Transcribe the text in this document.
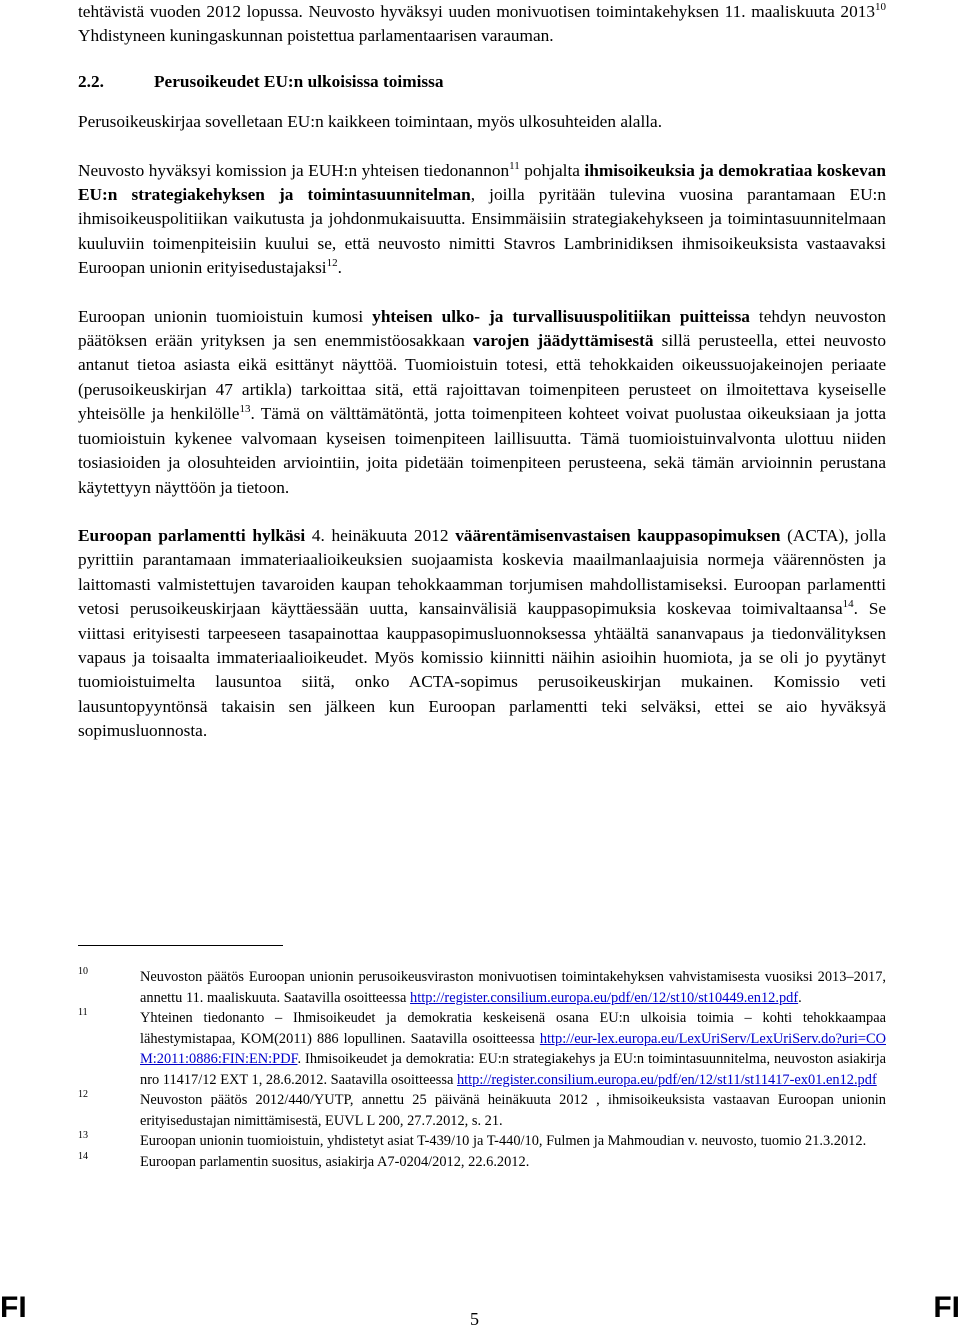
tehtävistä vuoden 2012 lopussa. Neuvosto hyväksyi uuden monivuotisen toimintakehyksen 11. maaliskuuta 2013$^{10}$ Yhdistyneen kuningaskunnan poistettua parlamentaarisen varauman.

2.2.	Perusoikeudet EU:n ulkoisissa toimissa

Perusoikeuskirjaa sovelletaan EU:n kaikkeen toimintaan, myös ulkosuhteiden alalla.

Neuvosto hyväksyi komission ja EUH:n yhteisen tiedonannon$^{11}$ pohjalta ihmisoikeuksia ja demokratiaa koskevan EU:n strategiakehyksen ja toimintasuunnitelman, joilla pyritään tulevina vuosina parantamaan EU:n ihmisoikeuspolitiikan vaikutusta ja johdonmukaisuutta. Ensimmäisiin strategiakehykseen ja toimintasuunnitelmaan kuuluviin toimenpiteisiin kuului se, että neuvosto nimitti Stavros Lambrinidiksen ihmisoikeuksista vastaavaksi Euroopan unionin erityisedustajaksi$^{12}$.

Euroopan unionin tuomioistuin kumosi yhteisen ulko- ja turvallisuuspolitiikan puitteissa tehdyn neuvoston päätöksen erään yrityksen ja sen enemmistöosakkaan varojen jäädyttämisestä sillä perusteella, ettei neuvosto antanut tietoa asiasta eikä esittänyt näyttöä. Tuomioistuin totesi, että tehokkaiden oikeussuojakeinojen periaate (perusoikeuskirjan 47 artikla) tarkoittaa sitä, että rajoittavan toimenpiteen perusteet on ilmoitettava kyseiselle yhteisölle ja henkilölle$^{13}$. Tämä on välttämätöntä, jotta toimenpiteen kohteet voivat puolustaa oikeuksiaan ja jotta tuomioistuin kykenee valvomaan kyseisen toimenpiteen laillisuutta. Tämä tuomioistuinvalvonta ulottuu niiden tosiasioiden ja olosuhteiden arviointiin, joita pidetään toimenpiteen perusteena, sekä tämän arvioinnin perustana käytettyyn näyttöön ja tietoon.

Euroopan parlamentti hylkäsi 4. heinäkuuta 2012 väärentämisenvastaisen kauppasopimuksen (ACTA), jolla pyrittiin parantamaan immateriaalioikeuksien suojaamista koskevia maailmanlaajuisia normeja väärennösten ja laittomasti valmistettujen tavaroiden kaupan tehokkaamman torjumisen mahdollistamiseksi. Euroopan parlamentti vetosi perusoikeuskirjaan käyttäessään uutta, kansainvälisiä kauppasopimuksia koskevaa toimivaltaansa$^{14}$. Se viittasi erityisesti tarpeeseen tasapainottaa kauppasopimusluonnoksessa yhtäältä sananvapaus ja tiedonvälityksen vapaus ja toisaalta immateriaalioikeudet. Myös komissio kiinnitti näihin asioihin huomiota, ja se oli jo pyytänyt tuomioistuimelta lausuntoa siitä, onko ACTA-sopimus perusoikeuskirjan mukainen. Komissio veti lausuntopyyntönsä takaisin sen jälkeen kun Euroopan parlamentti teki selväksi, ettei se aio hyväksyä sopimusluonnosta.

10	Neuvoston päätös Euroopan unionin perusoikeusviraston monivuotisen toimintakehyksen vahvistamisesta vuosiksi 2013–2017, annettu 11. maaliskuuta. Saatavilla osoitteessa http://register.consilium.europa.eu/pdf/en/12/st10/st10449.en12.pdf.
11	Yhteinen tiedonanto – Ihmisoikeudet ja demokratia keskeisenä osana EU:n ulkoisia toimia – kohti tehokkaampaa lähestymistapaa, KOM(2011) 886 lopullinen. Saatavilla osoitteessa http://eur-lex.europa.eu/LexUriServ/LexUriServ.do?uri=COM:2011:0886:FIN:EN:PDF. Ihmisoikeudet ja demokratia: EU:n strategiakehys ja EU:n toimintasuunnitelma, neuvoston asiakirja nro 11417/12 EXT 1, 28.6.2012. Saatavilla osoitteessa http://register.consilium.europa.eu/pdf/en/12/st11/st11417-ex01.en12.pdf
12	Neuvoston päätös 2012/440/YUTP, annettu 25 päivänä heinäkuuta 2012 , ihmisoikeuksista vastaavan Euroopan unionin erityisedustajan nimittämisestä, EUVL L 200, 27.7.2012, s. 21.
13	Euroopan unionin tuomioistuin, yhdistetyt asiat T-439/10 ja T-440/10, Fulmen ja Mahmoudian v. neuvosto, tuomio 21.3.2012.
14	Euroopan parlamentin suositus, asiakirja A7-0204/2012, 22.6.2012.
FI	5	FI
